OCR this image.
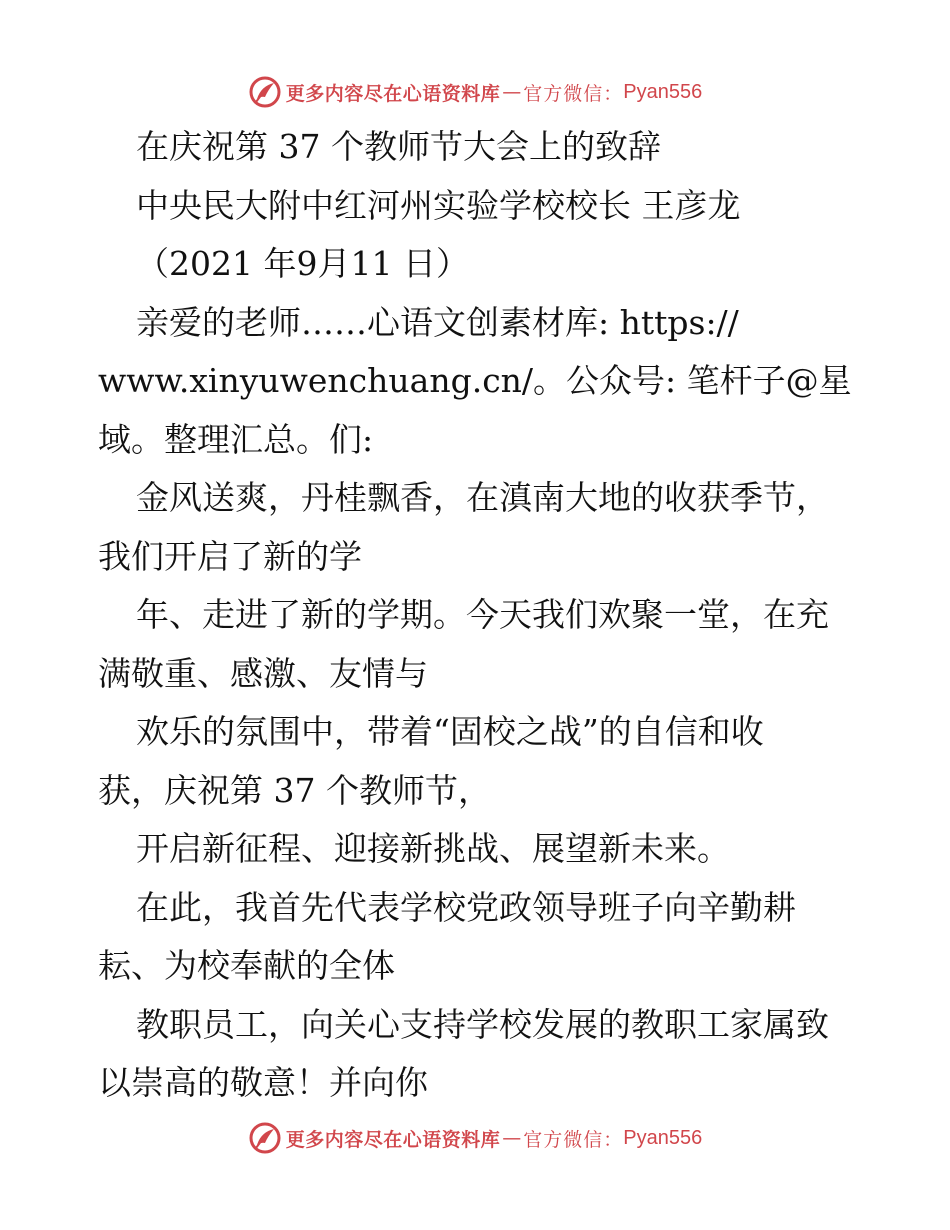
更多内容尽在心语资料库 — 官方微信： Pyan556
在庆祝第 37 个教师节大会上的致辞
中央民大附中红河州实验学校校长 王彦龙
（2021 年9月11 日）
亲爱的老师……心语文创素材库: https://
www.xinyuwenchuang.cn/。公众号: 笔杆子@星
域。整理汇总。们:
金风送爽，丹桂飘香，在滇南大地的收获季节，
我们开启了新的学
年、走进了新的学期。今天我们欢聚一堂，在充
满敬重、感激、友情与
欢乐的氛围中，带着“固校之战”的自信和收
获，庆祝第 37 个教师节，
开启新征程、迎接新挑战、展望新未来。
在此，我首先代表学校党政领导班子向辛勤耕
耘、为校奉献的全体
教职员工，向关心支持学校发展的教职工家属致
以崇高的敬意！并向你
更多内容尽在心语资料库 — 官方微信： Pyan556
